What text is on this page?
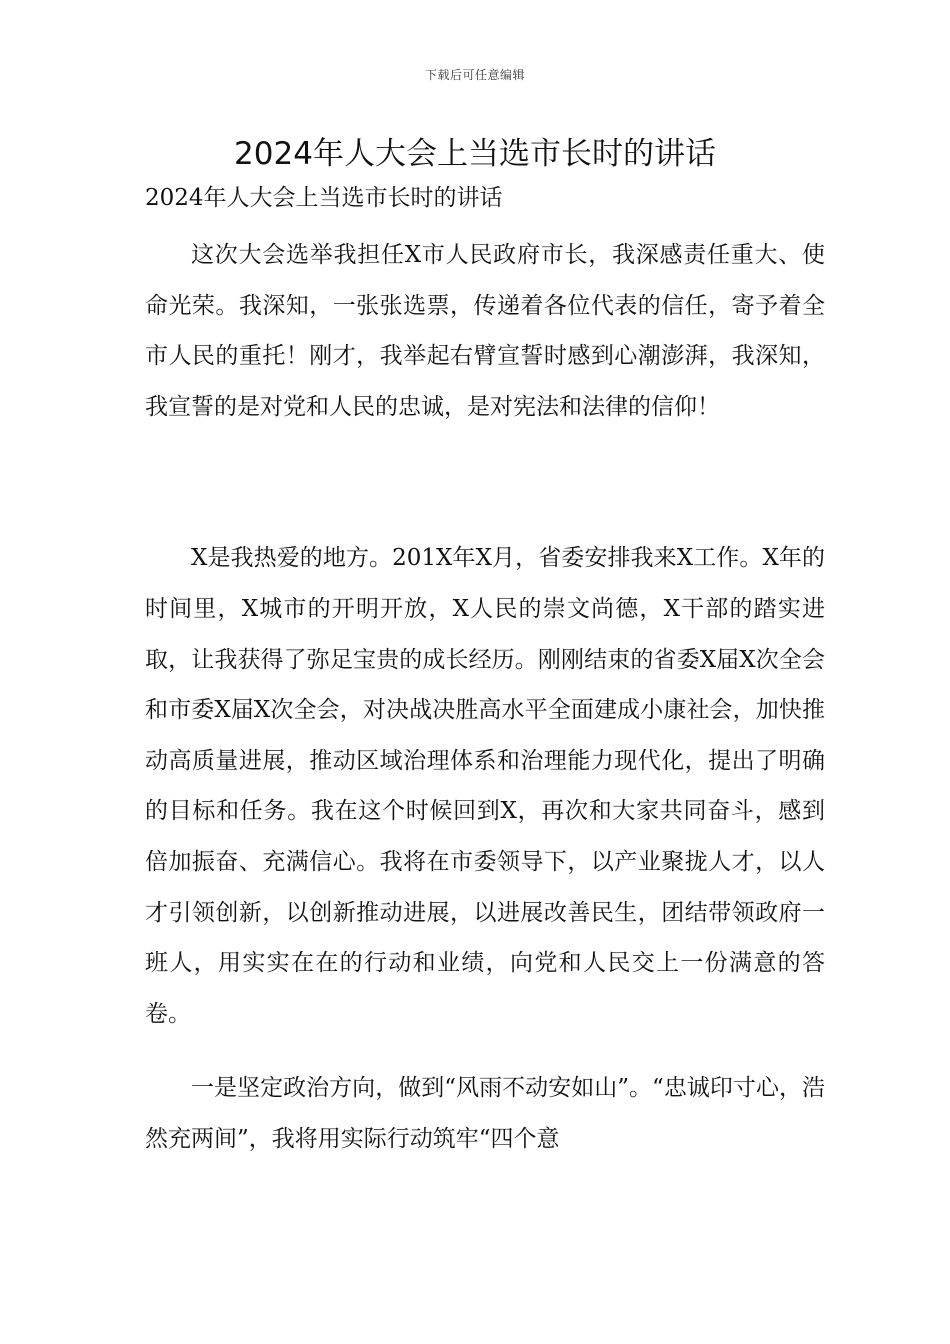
下载后可任意编辑
2024年人大会上当选市长时的讲话

2024年人大会上当选市长时的讲话

这次大会选举我担任X市人民政府市长，我深感责任重大、使命光荣。我深知，一张张选票，传递着各位代表的信任，寄予着全市人民的重托！刚才，我举起右臂宣誓时感到心潮澎湃，我深知，我宣誓的是对党和人民的忠诚，是对宪法和法律的信仰！

X是我热爱的地方。201X年X月，省委安排我来X工作。X年的时间里，X城市的开明开放，X人民的崇文尚德，X干部的踏实进取，让我获得了弥足宝贵的成长经历。刚刚结束的省委X届X次全会和市委X届X次全会，对决战决胜高水平全面建成小康社会，加快推动高质量进展，推动区域治理体系和治理能力现代化，提出了明确的目标和任务。我在这个时候回到X，再次和大家共同奋斗，感到倍加振奋、充满信心。我将在市委领导下，以产业聚拢人才，以人才引领创新，以创新推动进展，以进展改善民生，团结带领政府一班人，用实实在在的行动和业绩，向党和人民交上一份满意的答卷。

一是坚定政治方向，做到“风雨不动安如山”。“忠诚印寸心，浩然充两间”，我将用实际行动筑牢“四个意
